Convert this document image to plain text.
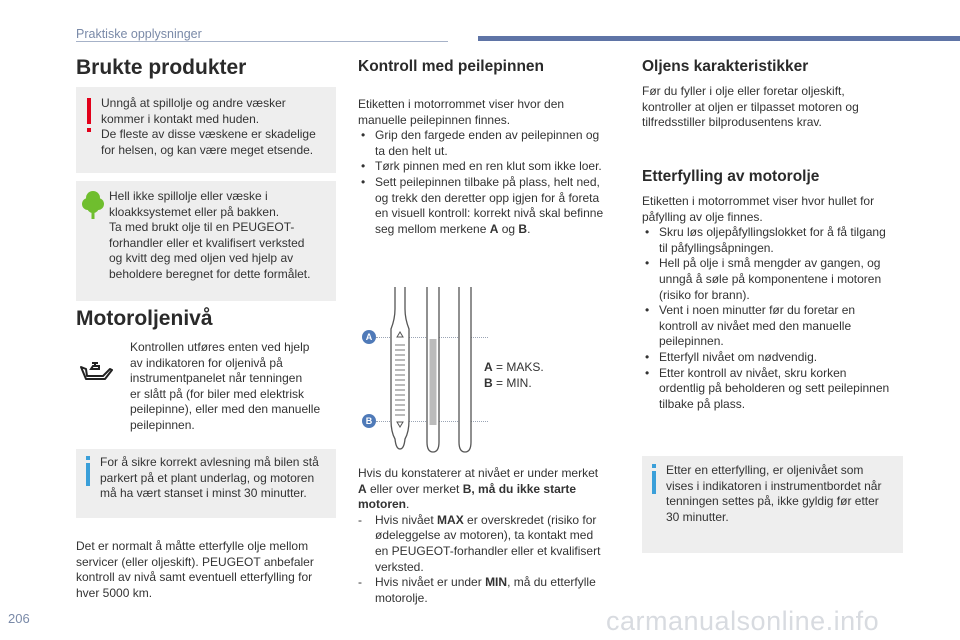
Praktiske opplysninger
Brukte produkter

Unngå at spillolje og andre væsker

kommer i kontakt med huden.

De fleste av disse væskene er skadelige

for helsen, og kan være meget etsende.

Hell ikke spillolje eller væske i

kloakksystemet eller på bakken.

Ta med brukt olje til en PEUGEOT-

forhandler eller et kvalifisert verksted

og kvitt deg med oljen ved hjelp av

beholdere beregnet for dette formålet.

Motoroljenivå

Kontrollen utføres enten ved hjelp

av indikatoren for oljenivå på

instrumentpanelet når tenningen

er slått på (for biler med elektrisk

peilepinne), eller med den manuelle

peilepinnen.

For å sikre korrekt avlesning må bilen stå

parkert på et plant underlag, og motoren

må ha vært stanset i minst 30 minutter.

Det er normalt å måtte etterfylle olje mellom

servicer (eller oljeskift). PEUGEOT anbefaler

kontroll av nivå samt eventuell etterfylling for

hver 5000 km.

Kontroll med peilepinnen

Etiketten i motorrommet viser hvor den

manuelle peilepinnen finnes.

• Grip den fargede enden av peilepinnen og
ta den helt ut.
• Tørk pinnen med en ren klut som ikke loer.
• Sett peilepinnen tilbake på plass, helt ned,
og trekk den deretter opp igjen for å foreta
en visuell kontroll: korrekt nivå skal befinne
seg mellom merkene A og B.
A
B

A = MAKS.

B = MIN.

Hvis du konstaterer at nivået er under merket

A eller over merket B, må du ikke starte

motoren.

- Hvis nivået MAX er overskredet (risiko for
ødeleggelse av motoren), ta kontakt med
en PEUGEOT-forhandler eller et kvalifisert
verksted.
- Hvis nivået er under MIN, må du etterfylle
motorolje.
Oljens karakteristikker

Før du fyller i olje eller foretar oljeskift,

kontroller at oljen er tilpasset motoren og

tilfredsstiller bilprodusentens krav.

Etterfylling av motorolje

Etiketten i motorrommet viser hvor hullet for

påfylling av olje finnes.

• Skru løs oljepåfyllingslokket for å få tilgang
til påfyllingsåpningen.
• Hell på olje i små mengder av gangen, og
unngå å søle på komponentene i motoren
(risiko for brann).
• Vent i noen minutter før du foretar en
kontroll av nivået med den manuelle
peilepinnen.
• Etterfyll nivået om nødvendig.
• Etter kontroll av nivået, skru korken
ordentlig på beholderen og sett peilepinnen
tilbake på plass.

Etter en etterfylling, er oljenivået som

vises i indikatoren i instrumentbordet når

tenningen settes på, ikke gyldig før etter

30 minutter.

206	carmanualsonline.info
